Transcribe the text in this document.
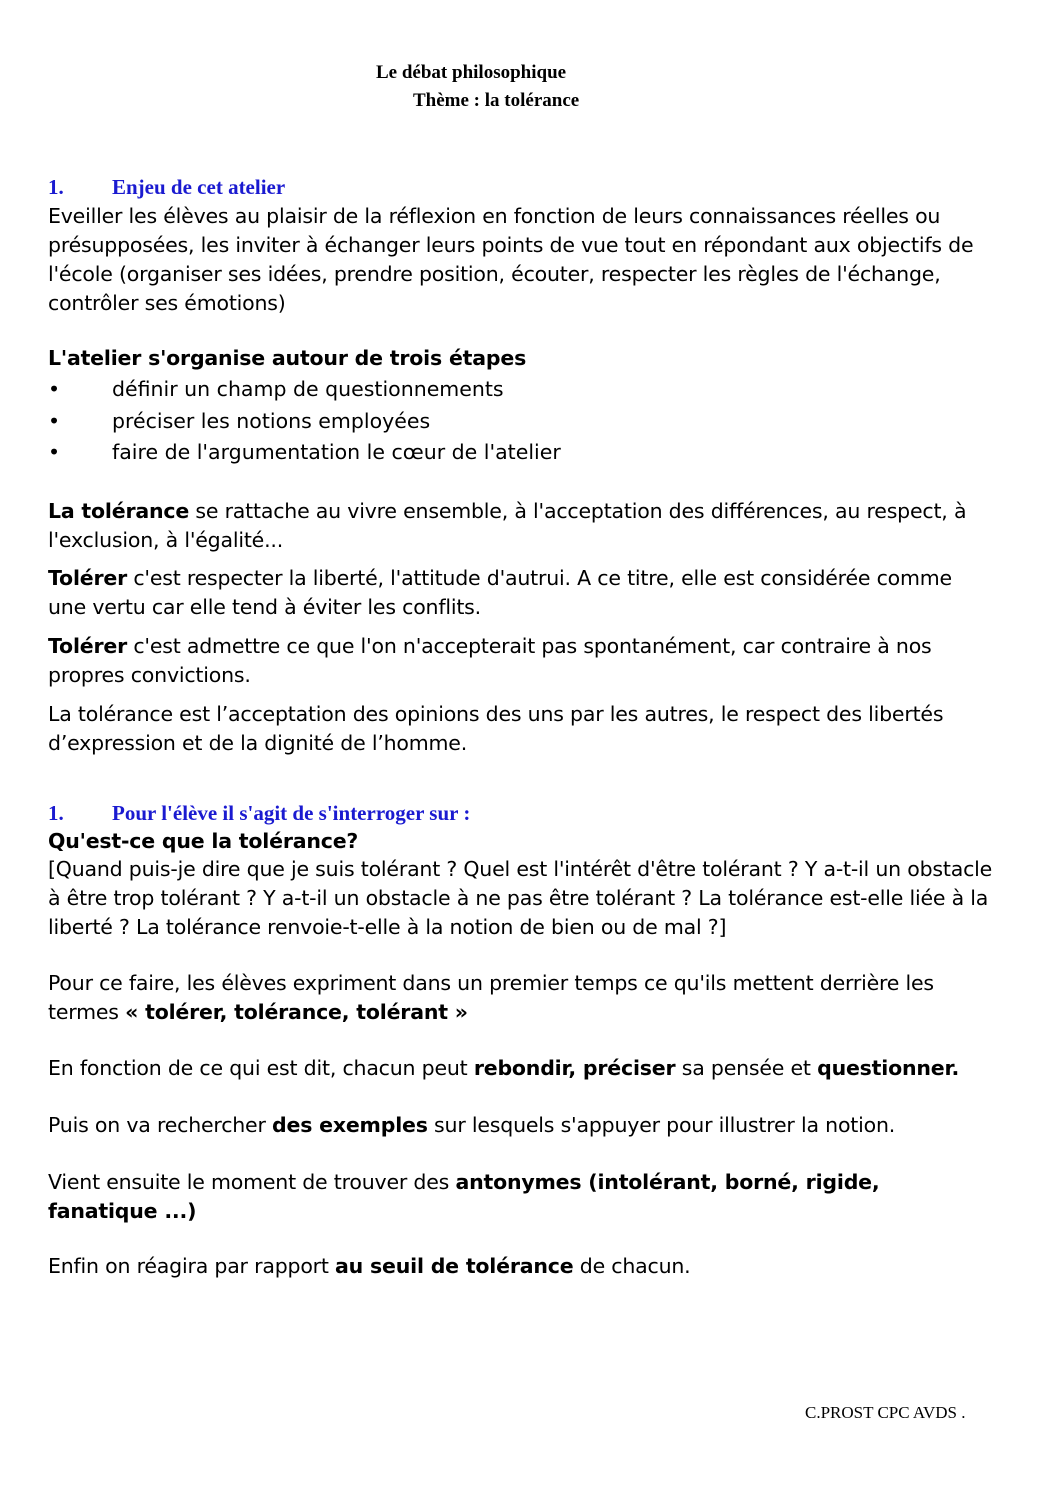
Le débat philosophique
Thème : la tolérance
1. Enjeu de cet atelier

Eveiller les élèves au plaisir de la réflexion en fonction de leurs connaissances réelles ou présupposées, les inviter à échanger leurs points de vue tout en répondant aux objectifs de l'école (organiser ses idées, prendre position, écouter, respecter les règles de l'échange, contrôler ses émotions)

L'atelier s'organise autour de trois étapes
•	définir un champ de questionnements
•	préciser les notions employées
•	faire de l'argumentation le cœur de l'atelier

La tolérance se rattache au vivre ensemble, à l'acceptation des différences, au respect, à l'exclusion, à l'égalité...

Tolérer c'est respecter la liberté, l'attitude d'autrui. A ce titre, elle est considérée comme une vertu car elle tend à éviter les conflits.

Tolérer c'est admettre ce que l'on n'accepterait pas spontanément, car contraire à nos propres convictions.

La tolérance est l’acceptation des opinions des uns par les autres, le respect des libertés d’expression et de la dignité de l’homme.

1. Pour l'élève il s'agit de s'interroger sur :
Qu'est-ce que la tolérance?

[Quand puis-je dire que je suis tolérant ? Quel est l'intérêt d'être tolérant ? Y a-t-il un obstacle à être trop tolérant ? Y a-t-il un obstacle à ne pas être tolérant ? La tolérance est-elle liée à la liberté ? La tolérance renvoie-t-elle à la notion de bien ou de mal ?]

Pour ce faire, les élèves expriment dans un premier temps ce qu'ils mettent derrière les termes « tolérer, tolérance, tolérant »

En fonction de ce qui est dit, chacun peut rebondir, préciser sa pensée et questionner.

Puis on va rechercher des exemples sur lesquels s'appuyer pour illustrer la notion.

Vient ensuite le moment de trouver des antonymes (intolérant, borné, rigide, fanatique ...)

Enfin on réagira par rapport au seuil de tolérance de chacun.

C.PROST CPC AVDS .
